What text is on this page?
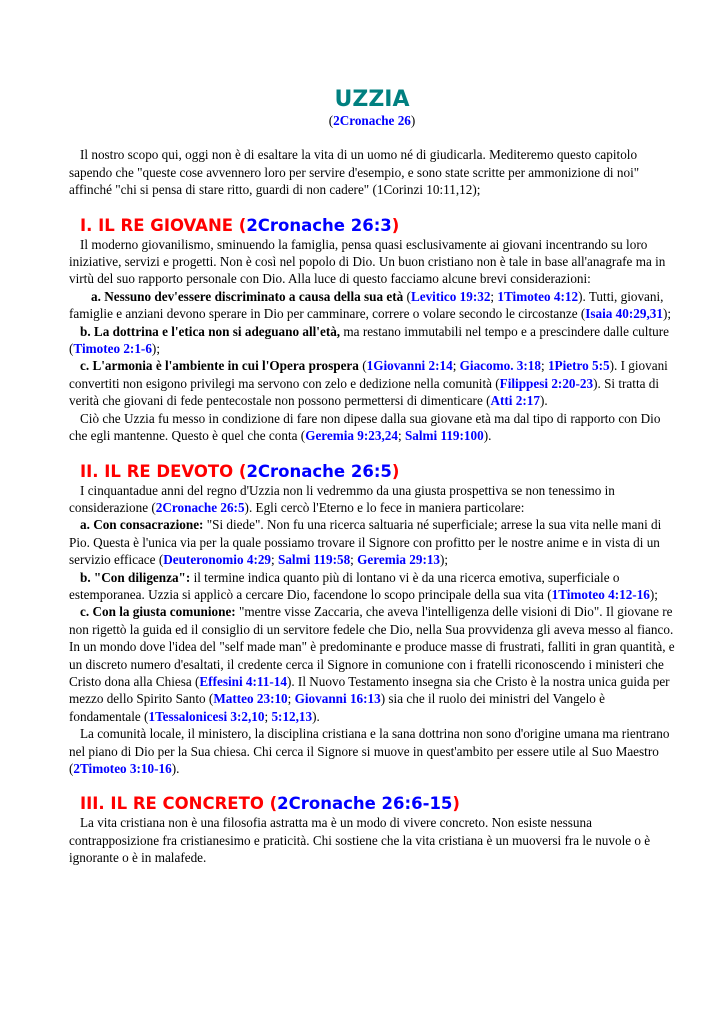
UZZIA
(2Cronache 26)

Il nostro scopo qui, oggi non è di esaltare la vita di un uomo né di giudicarla. Mediteremo questo capitolo sapendo che "queste cose avvennero loro per servire d'esempio, e sono state scritte per ammonizione di noi" affinché "chi si pensa di stare ritto, guardi di non cadere" (1Corinzi 10:11,12);

I. IL RE GIOVANE (2Cronache 26:3)

Il moderno giovanilismo, sminuendo la famiglia, pensa quasi esclusivamente ai giovani incentrando su loro iniziative, servizi e progetti. Non è così nel popolo di Dio. Un buon cristiano non è tale in base all'anagrafe ma in virtù del suo rapporto personale con Dio. Alla luce di questo facciamo alcune brevi considerazioni:

a. Nessuno dev'essere discriminato a causa della sua età (Levitico 19:32; 1Timoteo 4:12). Tutti, giovani, famiglie e anziani devono sperare in Dio per camminare, correre o volare secondo le circostanze (Isaia 40:29,31);

b. La dottrina e l'etica non si adeguano all'età, ma restano immutabili nel tempo e a prescindere dalle culture (Timoteo 2:1-6);

c. L'armonia è l'ambiente in cui l'Opera prospera (1Giovanni 2:14; Giacomo. 3:18; 1Pietro 5:5). I giovani convertiti non esigono privilegi ma servono con zelo e dedizione nella comunità (Filippesi 2:20-23). Si tratta di verità che giovani di fede pentecostale non possono permettersi di dimenticare (Atti 2:17).

Ciò che Uzzia fu messo in condizione di fare non dipese dalla sua giovane età ma dal tipo di rapporto con Dio che egli mantenne. Questo è quel che conta (Geremia 9:23,24; Salmi 119:100).

II. IL RE DEVOTO (2Cronache 26:5)

I cinquantadue anni del regno d'Uzzia non li vedremmo da una giusta prospettiva se non tenessimo in considerazione (2Cronache 26:5). Egli cercò l'Eterno e lo fece in maniera particolare:

a. Con consacrazione: "Si diede". Non fu una ricerca saltuaria né superficiale; arrese la sua vita nelle mani di Pio. Questa è l'unica via per la quale possiamo trovare il Signore con profitto per le nostre anime e in vista di un servizio efficace (Deuteronomio 4:29; Salmi 119:58; Geremia 29:13);

b. "Con diligenza": il termine indica quanto più di lontano vi è da una ricerca emotiva, superficiale o estemporanea. Uzzia si applicò a cercare Dio, facendone lo scopo principale della sua vita (1Timoteo 4:12-16);

c. Con la giusta comunione: "mentre visse Zaccaria, che aveva l'intelligenza delle visioni di Dio". Il giovane re non rigettò la guida ed il consiglio di un servitore fedele che Dio, nella Sua provvidenza gli aveva messo al fianco. In un mondo dove l'idea del "self made man" è predominante e produce masse di frustrati, falliti in gran quantità, e un discreto numero d'esaltati, il credente cerca il Signore in comunione con i fratelli riconoscendo i ministeri che Cristo dona alla Chiesa (Effesini 4:11-14). Il Nuovo Testamento insegna sia che Cristo è la nostra unica guida per mezzo dello Spirito Santo (Matteo 23:10; Giovanni 16:13) sia che il ruolo dei ministri del Vangelo è fondamentale (1Tessalonicesi 3:2,10; 5:12,13).

La comunità locale, il ministero, la disciplina cristiana e la sana dottrina non sono d'origine umana ma rientrano nel piano di Dio per la Sua chiesa. Chi cerca il Signore si muove in quest'ambito per essere utile al Suo Maestro (2Timoteo 3:10-16).

III. IL RE CONCRETO (2Cronache 26:6-15)

La vita cristiana non è una filosofia astratta ma è un modo di vivere concreto. Non esiste nessuna contrapposizione fra cristianesimo e praticità. Chi sostiene che la vita cristiana è un muoversi fra le nuvole o è ignorante o è in malafede.
